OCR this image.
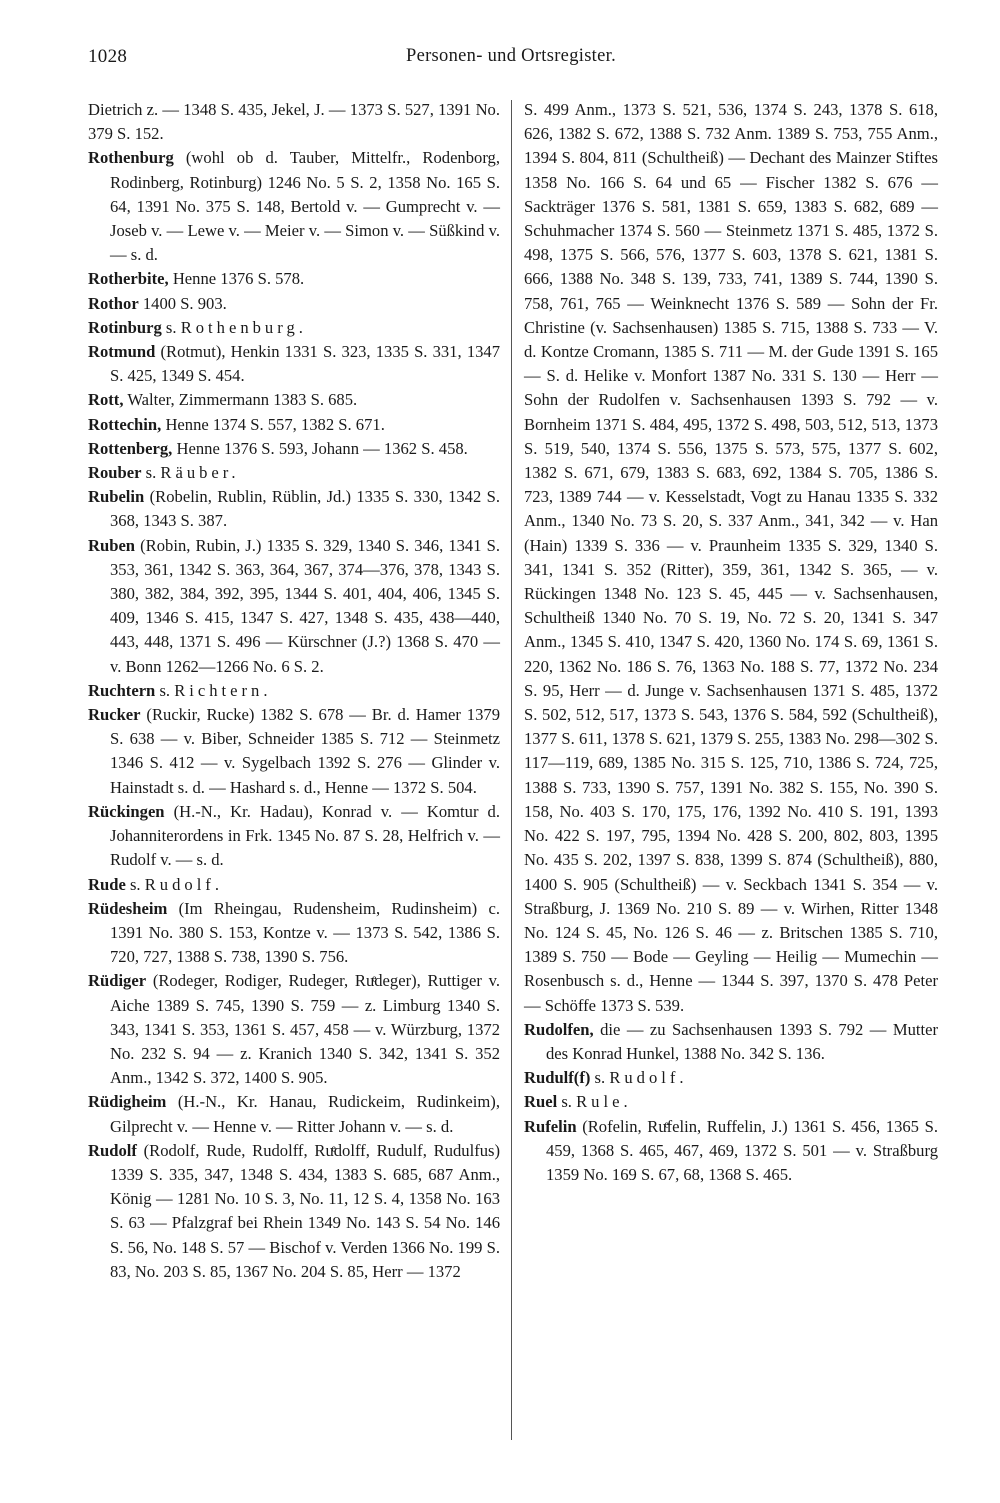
1028	Personen- und Ortsregister.

Dietrich z. — 1348 S. 435, Jekel, J. — 1373 S. 527, 1391 No. 379 S. 152.

Rothenburg (wohl ob d. Tauber, Mittelfr., Rodenborg, Rodinberg, Rotinburg) 1246 No. 5 S. 2, 1358 No. 165 S. 64, 1391 No. 375 S. 148, Bertold v. — Gumprecht v. — Joseb v. — Lewe v. — Meier v. — Simon v. — Süßkind v. — s. d.

Rotherbite, Henne 1376 S. 578.

Rothor 1400 S. 903.

Rotinburg s. Rothenburg.

Rotmund (Rotmut), Henkin 1331 S. 323, 1335 S. 331, 1347 S. 425, 1349 S. 454.

Rott, Walter, Zimmermann 1383 S. 685.

Rottechin, Henne 1374 S. 557, 1382 S. 671.

Rottenberg, Henne 1376 S. 593, Johann — 1362 S. 458.

Rouber s. Räuber.

Rubelin (Robelin, Rublin, Rüblin, Jd.) 1335 S. 330, 1342 S. 368, 1343 S. 387.

Ruben (Robin, Rubin, J.) 1335 S. 329, 1340 S. 346, 1341 S. 353, 361, 1342 S. 363, 364, 367, 374—376, 378, 1343 S. 380, 382, 384, 392, 395, 1344 S. 401, 404, 406, 1345 S. 409, 1346 S. 415, 1347 S. 427, 1348 S. 435, 438—440, 443, 448, 1371 S. 496 — Kürschner (J.?) 1368 S. 470 — v. Bonn 1262—1266 No. 6 S. 2.

Ruchtern s. Richtern.

Rucker (Ruckir, Rucke) 1382 S. 678 — Br. d. Hamer 1379 S. 638 — v. Biber, Schneider 1385 S. 712 — Steinmetz 1346 S. 412 — v. Sygelbach 1392 S. 276 — Glinder v. Hainstadt s. d. — Hashard s. d., Henne — 1372 S. 504.

Rückingen (H.-N., Kr. Hadau), Konrad v. — Komtur d. Johanniterordens in Frk. 1345 No. 87 S. 28, Helfrich v. — Rudolf v. — s. d.

Rude s. Rudolf.

Rüdesheim (Im Rheingau, Rudensheim, Rudinsheim) c. 1391 No. 380 S. 153, Kontze v. — 1373 S. 542, 1386 S. 720, 727, 1388 S. 738, 1390 S. 756.

Rüdiger (Rodeger, Rodiger, Rudeger, Ruͤdeger), Ruttiger v. Aiche 1389 S. 745, 1390 S. 759 — z. Limburg 1340 S. 343, 1341 S. 353, 1361 S. 457, 458 — v. Würzburg, 1372 No. 232 S. 94 — z. Kranich 1340 S. 342, 1341 S. 352 Anm., 1342 S. 372, 1400 S. 905.

Rüdigheim (H.-N., Kr. Hanau, Rudickeim, Rudinkeim), Gilprecht v. — Henne v. — Ritter Johann v. — s. d.

Rudolf (Rodolf, Rude, Rudolff, Ruͤdolff, Rudulf, Rudulfus) 1339 S. 335, 347, 1348 S. 434, 1383 S. 685, 687 Anm., König — 1281 No. 10 S. 3, No. 11, 12 S. 4, 1358 No. 163 S. 63 — Pfalzgraf bei Rhein 1349 No. 143 S. 54 No. 146 S. 56, No. 148 S. 57 — Bischof v. Verden 1366 No. 199 S. 83, No. 203 S. 85, 1367 No. 204 S. 85, Herr — 1372

S. 499 Anm., 1373 S. 521, 536, 1374 S. 243, 1378 S. 618, 626, 1382 S. 672, 1388 S. 732 Anm. 1389 S. 753, 755 Anm., 1394 S. 804, 811 (Schultheiß) — Dechant des Mainzer Stiftes 1358 No. 166 S. 64 und 65 — Fischer 1382 S. 676 —Sackträger 1376 S. 581, 1381 S. 659, 1383 S. 682, 689 — Schuhmacher 1374 S. 560 — Steinmetz 1371 S. 485, 1372 S. 498, 1375 S. 566, 576, 1377 S. 603, 1378 S. 621, 1381 S. 666, 1388 No. 348 S. 139, 733, 741, 1389 S. 744, 1390 S. 758, 761, 765 — Weinknecht 1376 S. 589 — Sohn der Fr. Christine (v. Sachsenhausen) 1385 S. 715, 1388 S. 733 — V. d. Kontze Cromann, 1385 S. 711 — M. der Gude 1391 S. 165 — S. d. Helike v. Monfort 1387 No. 331 S. 130 — Herr — Sohn der Rudolfen v. Sachsenhausen 1393 S. 792 — v. Bornheim 1371 S. 484, 495, 1372 S. 498, 503, 512, 513, 1373 S. 519, 540, 1374 S. 556, 1375 S. 573, 575, 1377 S. 602, 1382 S. 671, 679, 1383 S. 683, 692, 1384 S. 705, 1386 S. 723, 1389 744 — v. Kesselstadt, Vogt zu Hanau 1335 S. 332 Anm., 1340 No. 73 S. 20, S. 337 Anm., 341, 342 — v. Han (Hain) 1339 S. 336 — v. Praunheim 1335 S. 329, 1340 S. 341, 1341 S. 352 (Ritter), 359, 361, 1342 S. 365, — v. Rückingen 1348 No. 123 S. 45, 445 — v. Sachsenhausen, Schultheiß 1340 No. 70 S. 19, No. 72 S. 20, 1341 S. 347 Anm., 1345 S. 410, 1347 S. 420, 1360 No. 174 S. 69, 1361 S. 220, 1362 No. 186 S. 76, 1363 No. 188 S. 77, 1372 No. 234 S. 95, Herr — d. Junge v. Sachsenhausen 1371 S. 485, 1372 S. 502, 512, 517, 1373 S. 543, 1376 S. 584, 592 (Schultheiß), 1377 S. 611, 1378 S. 621, 1379 S. 255, 1383 No. 298—302 S. 117—119, 689, 1385 No. 315 S. 125, 710, 1386 S. 724, 725, 1388 S. 733, 1390 S. 757, 1391 No. 382 S. 155, No. 390 S. 158, No. 403 S. 170, 175, 176, 1392 No. 410 S. 191, 1393 No. 422 S. 197, 795, 1394 No. 428 S. 200, 802, 803, 1395 No. 435 S. 202, 1397 S. 838, 1399 S. 874 (Schultheiß), 880, 1400 S. 905 (Schultheiß) — v. Seckbach 1341 S. 354 — v. Straßburg, J. 1369 No. 210 S. 89 — v. Wirhen, Ritter 1348 No. 124 S. 45, No. 126 S. 46 — z. Britschen 1385 S. 710, 1389 S. 750 — Bode — Geyling — Heilig — Mumechin — Rosenbusch s. d., Henne — 1344 S. 397, 1370 S. 478 Peter — Schöffe 1373 S. 539.

Rudolfen, die — zu Sachsenhausen 1393 S. 792 — Mutter des Konrad Hunkel, 1388 No. 342 S. 136.

Rudulf(f) s. Rudolf.

Ruel s. Rule.

Rufelin (Rofelin, Ruͤfelin, Ruffelin, J.) 1361 S. 456, 1365 S. 459, 1368 S. 465, 467, 469, 1372 S. 501 — v. Straßburg 1359 No. 169 S. 67, 68, 1368 S. 465.
